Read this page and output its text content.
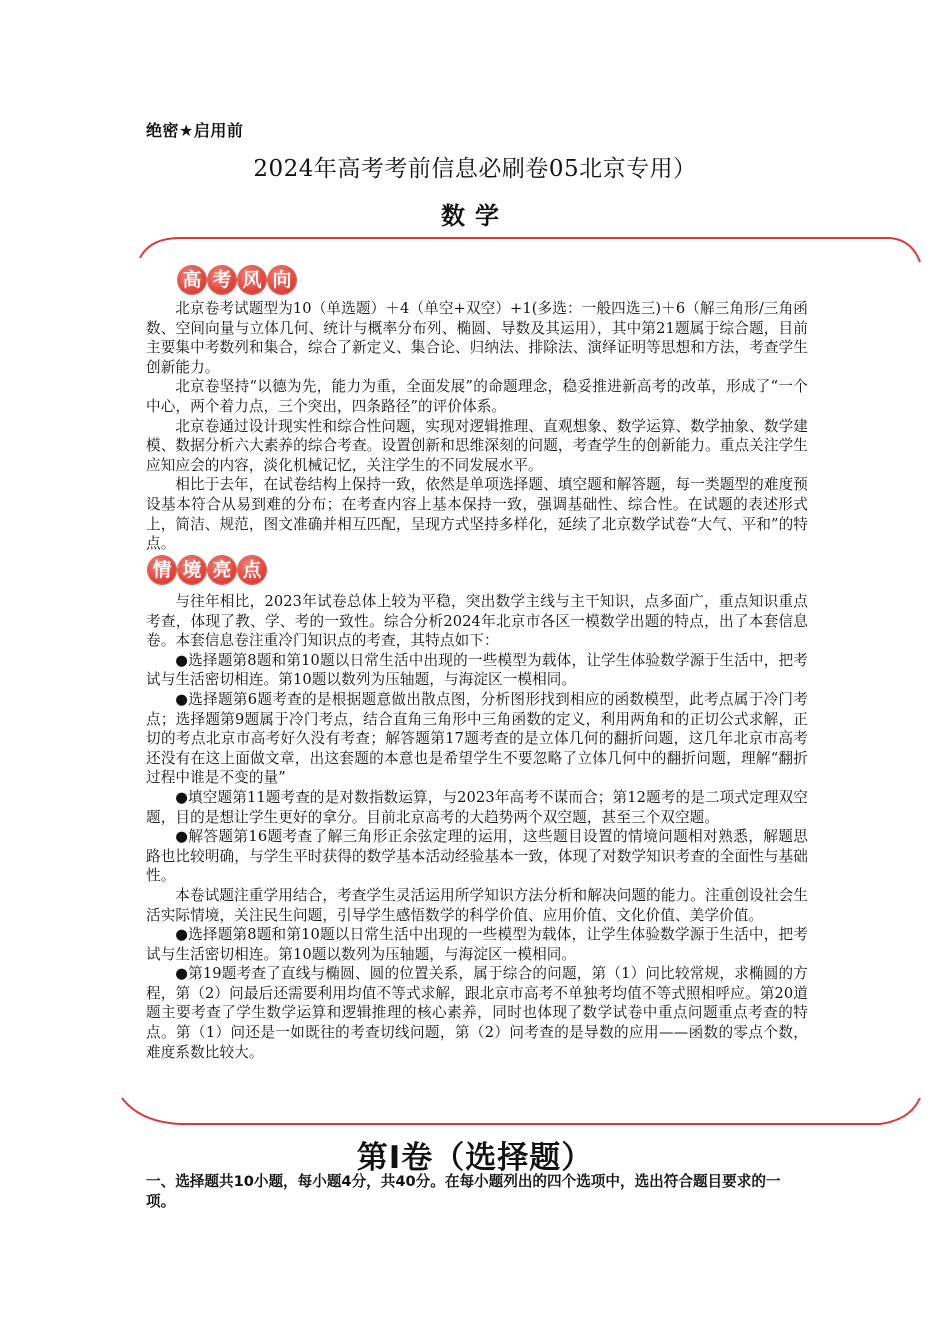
绝密★启用前
2024年高考考前信息必刷卷05北京专用）
数学
高 考 风 向

北京卷考试题型为10（单选题）＋4（单空+双空）+1(多选：一般四选三)＋6（解三角形/三角函数、空间向量与立体几何、统计与概率分布列、椭圆、导数及其运用），其中第21题属于综合题，目前主要集中考数列和集合，综合了新定义、集合论、归纳法、排除法、演绎证明等思想和方法，考查学生创新能力。

北京卷坚持“以德为先，能力为重，全面发展”的命题理念，稳妥推进新高考的改革，形成了“一个中心，两个着力点，三个突出，四条路径”的评价体系。

北京卷通过设计现实性和综合性问题，实现对逻辑推理、直观想象、数学运算、数学抽象、数学建模、数据分析六大素养的综合考查。设置创新和思维深刻的问题，考查学生的创新能力。重点关注学生应知应会的内容，淡化机械记忆，关注学生的不同发展水平。

相比于去年，在试卷结构上保持一致，依然是单项选择题、填空题和解答题，每一类题型的难度预设基本符合从易到难的分布；在考查内容上基本保持一致，强调基础性、综合性。在试题的表述形式上，简洁、规范，图文准确并相互匹配，呈现方式坚持多样化，延续了北京数学试卷“大气、平和”的特点。

情 境 亮 点

与往年相比，2023年试卷总体上较为平稳，突出数学主线与主干知识，点多面广，重点知识重点考查，体现了教、学、考的一致性。综合分析2024年北京市各区一模数学出题的特点，出了本套信息卷。本套信息卷注重冷门知识点的考查，其特点如下：

●选择题第8题和第10题以日常生活中出现的一些模型为载体，让学生体验数学源于生活中，把考试与生活密切相连。第10题以数列为压轴题，与海淀区一模相同。

●选择题第6题考查的是根据题意做出散点图，分析图形找到相应的函数模型，此考点属于冷门考点；选择题第9题属于冷门考点，结合直角三角形中三角函数的定义，利用两角和的正切公式求解，正切的考点北京市高考好久没有考查；解答题第17题考查的是立体几何的翻折问题，这几年北京市高考还没有在这上面做文章，出这套题的本意也是希望学生不要忽略了立体几何中的翻折问题，理解“翻折过程中谁是不变的量”

●填空题第11题考查的是对数指数运算，与2023年高考不谋而合；第12题考的是二项式定理双空题，目的是想让学生更好的拿分。目前北京高考的大趋势两个双空题，甚至三个双空题。

●解答题第16题考查了解三角形正余弦定理的运用，这些题目设置的情境问题相对熟悉，解题思路也比较明确，与学生平时获得的数学基本活动经验基本一致，体现了对数学知识考查的全面性与基础性。

本卷试题注重学用结合，考查学生灵活运用所学知识方法分析和解决问题的能力。注重创设社会生活实际情境，关注民生问题，引导学生感悟数学的科学价值、应用价值、文化价值、美学价值。

●选择题第8题和第10题以日常生活中出现的一些模型为载体，让学生体验数学源于生活中，把考试与生活密切相连。第10题以数列为压轴题，与海淀区一模相同。

●第19题考查了直线与椭圆、圆的位置关系，属于综合的问题，第（1）问比较常规，求椭圆的方程，第（2）问最后还需要利用均值不等式求解，跟北京市高考不单独考均值不等式照相呼应。第20道题主要考查了学生数学运算和逻辑推理的核心素养，同时也体现了数学试卷中重点问题重点考查的特点。第（1）问还是一如既往的考查切线问题，第（2）问考查的是导数的应用——函数的零点个数，难度系数比较大。

第Ⅰ卷（选择题）
一、选择题共10小题，每小题4分，共40分。在每小题列出的四个选项中，选出符合题目要求的一项。
